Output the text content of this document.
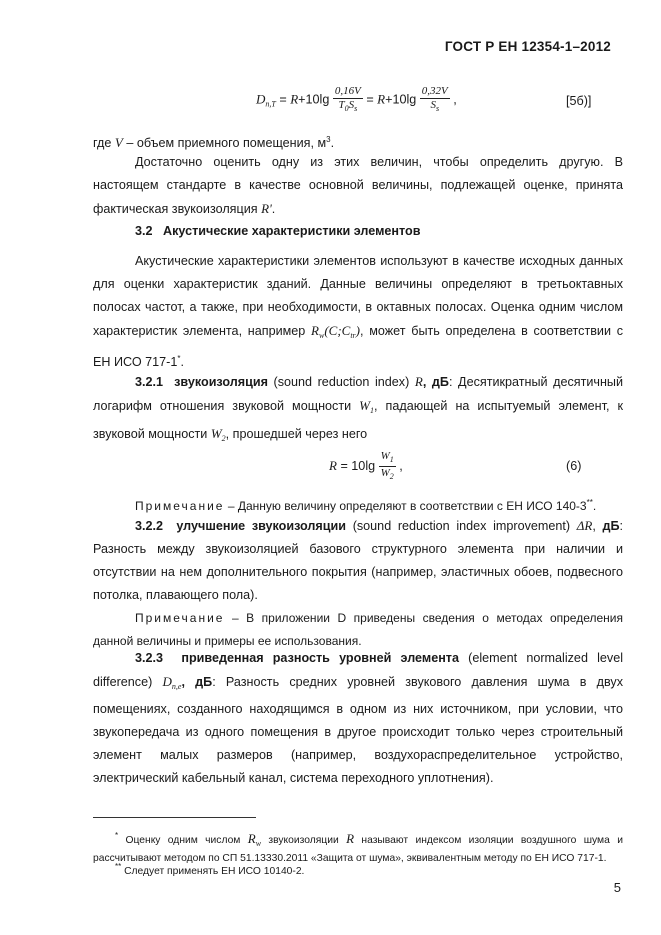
ГОСТ Р ЕН 12354-1–2012
$D_{n,T} = R+10\lg \frac{0,16V}{T_0S_s} = R+10\lg \frac{0,32V}{S_s}$ ,	[5б)]
где V – объем приемного помещения, $м^3$.
Достаточно оценить одну из этих величин, чтобы определить другую. В настоящем стандарте в качестве основной величины, подлежащей оценке, принята фактическая звукоизоляция R'.
3.2 Акустические характеристики элементов
Акустические характеристики элементов используют в качестве исходных данных для оценки характеристик зданий. Данные величины определяют в третьоктавных полосах частот, а также, при необходимости, в октавных полосах. Оценка одним числом характеристик элемента, например $R_w(C;C_{tr})$, может быть определена в соответствии с ЕН ИСО 717-1*.
3.2.1 звукоизоляция (sound reduction index) R, дБ: Десятикратный десятичный логарифм отношения звуковой мощности $W_1$, падающей на испытуемый элемент, к звуковой мощности $W_2$, прошедшей через него
$R = 10\lg \frac{W_1}{W_2}$ ,	(6)
Примечание – Данную величину определяют в соответствии с ЕН ИСО 140-3**.
3.2.2 улучшение звукоизоляции (sound reduction index improvement) ΔR, дБ: Разность между звукоизоляцией базового структурного элемента при наличии и отсутствии на нем дополнительного покрытия (например, эластичных обоев, подвесного потолка, плавающего пола).
Примечание – В приложении D приведены сведения о методах определения данной величины и примеры ее использования.
3.2.3 приведенная разность уровней элемента (element normalized level difference) $D_{n,e}$, дБ: Разность средних уровней звукового давления шума в двух помещениях, созданного находящимся в одном из них источником, при условии, что звукопередача из одного помещения в другое происходит только через строительный элемент малых размеров (например, воздухораспределительное устройство, электрический кабельный канал, система переходного уплотнения).
* Оценку одним числом $R_w$ звукоизоляции R называют индексом изоляции воздушного шума и рассчитывают методом по СП 51.13330.2011 «Защита от шума», эквивалентным методу по ЕН ИСО 717-1.
** Следует применять ЕН ИСО 10140-2.
5
